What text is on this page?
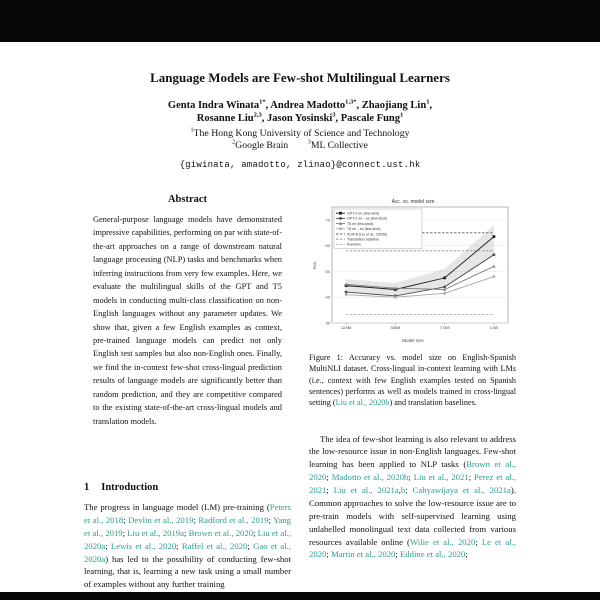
Language Models are Few-shot Multilingual Learners
Genta Indra Winata$^{1*}$, Andrea Madotto$^{1,3*}$, Zhaojiang Lin$^1$,
Rosanne Liu$^{2,3}$, Jason Yosinski$^3$, Pascale Fung$^1$
$^1$The Hong Kong University of Science and Technology
$^2$Google Brain  $^3$ML Collective
{giwinata, amadotto, zlinao}@connect.ust.hk
Abstract

General-purpose language models have demonstrated impressive capabilities, performing on par with state-of-the-art approaches on a range of downstream natural language processing (NLP) tasks and benchmarks when inferring instructions from very few examples. Here, we evaluate the multilingual skills of the GPT and T5 models in conducting multi-class classification on non-English languages without any parameter updates. We show that, given a few English examples as context, pre-trained language models can predict not only English test samples but also non-English ones. Finally, we find the in-context few-shot cross-lingual prediction results of language models are significantly better than random prediction, and they are competitive compared to the existing state-of-the-art cross-lingual models and translation models.

1 Introduction

The progress in language model (LM) pre-training (Peters et al., 2018; Devlin et al., 2019; Radford et al., 2019; Yang et al., 2019; Liu et al., 2019a; Brown et al., 2020; Liu et al., 2020a; Lewis et al., 2020; Raffel et al., 2020; Gao et al., 2020a) has led to the possibility of conducting few-shot learning, that is, learning a new task using a small number of examples without any further training

30
40
50
60
70
124M	355M	774M	1.5B
Acc. vs. model size
Model size
Acc.
GPT-2 en (few-shot)
GPT-2 en→es (few-shot)
T5 en (few-shot)
T5 en→es (few-shot)
XLM-R (Liu et al., 2020b)
Translation baseline
Random

Figure 1: Accuracy vs. model size on English-Spanish MultiNLI dataset. Cross-lingual in-context learning with LMs (i.e., context with few English examples tested on Spanish sentences) performs as well as models trained in cross-lingual setting (Liu et al., 2020b) and translation baselines.

The idea of few-shot learning is also relevant to address the low-resource issue in non-English languages. Few-shot learning has been applied to NLP tasks (Brown et al., 2020; Madotto et al., 2020b; Liu et al., 2021; Perez et al., 2021; Liu et al., 2021a,b; Cahyawijaya et al., 2021a). Common approaches to solve the low-resource issue are to pre-train models with self-supervised learning using unlabelled monolingual text data collected from various resources available online (Wilie et al., 2020; Le et al., 2020; Martin et al., 2020; Eddine et al., 2020;
